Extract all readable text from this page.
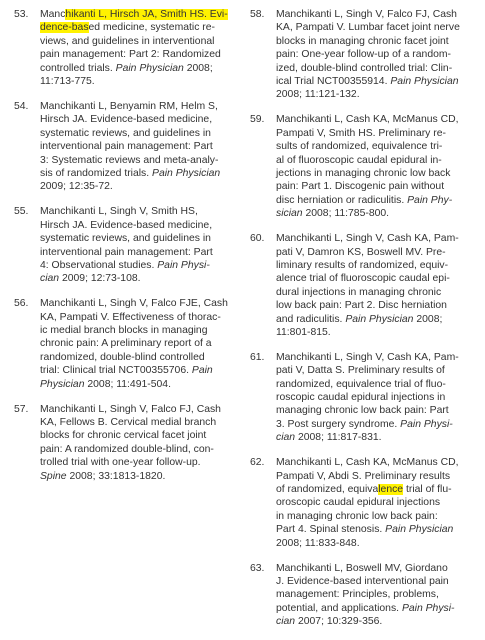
53.	Manchikanti L, Hirsch JA, Smith HS. Evi-
dence-based medicine, systematic re-
views, and guidelines in interventional
pain management: Part 2: Randomized
controlled trials. Pain Physician 2008;
11:713-775.
54.	Manchikanti L, Benyamin RM, Helm S,
Hirsch JA. Evidence-based medicine,
systematic reviews, and guidelines in
interventional pain management: Part
3: Systematic reviews and meta-analy-
sis of randomized trials. Pain Physician
2009; 12:35-72.
55.	Manchikanti L, Singh V, Smith HS,
Hirsch JA. Evidence-based medicine,
systematic reviews, and guidelines in
interventional pain management: Part
4: Observational studies. Pain Physi-
cian 2009; 12:73-108.
56.	Manchikanti L, Singh V, Falco FJE, Cash
KA, Pampati V. Effectiveness of thorac-
ic medial branch blocks in managing
chronic pain: A preliminary report of a
randomized, double-blind controlled
trial: Clinical trial NCT00355706. Pain
Physician 2008; 11:491-504.
57.	Manchikanti L, Singh V, Falco FJ, Cash
KA, Fellows B. Cervical medial branch
blocks for chronic cervical facet joint
pain: A randomized double-blind, con-
trolled trial with one-year follow-up.
Spine 2008; 33:1813-1820.
58.	Manchikanti L, Singh V, Falco FJ, Cash
KA, Pampati V. Lumbar facet joint nerve
blocks in managing chronic facet joint
pain: One-year follow-up of a random-
ized, double-blind controlled trial: Clin-
ical Trial NCT00355914. Pain Physician
2008; 11:121-132.
59.	Manchikanti L, Cash KA, McManus CD,
Pampati V, Smith HS. Preliminary re-
sults of randomized, equivalence tri-
al of fluoroscopic caudal epidural in-
jections in managing chronic low back
pain: Part 1. Discogenic pain without
disc herniation or radiculitis. Pain Phy-
sician 2008; 11:785-800.
60.	Manchikanti L, Singh V, Cash KA, Pam-
pati V, Damron KS, Boswell MV. Pre-
liminary results of randomized, equiv-
alence trial of fluoroscopic caudal epi-
dural injections in managing chronic
low back pain: Part 2. Disc herniation
and radiculitis. Pain Physician 2008;
11:801-815.
61.	Manchikanti L, Singh V, Cash KA, Pam-
pati V, Datta S. Preliminary results of
randomized, equivalence trial of fluo-
roscopic caudal epidural injections in
managing chronic low back pain: Part
3. Post surgery syndrome. Pain Physi-
cian 2008; 11:817-831.
62.	Manchikanti L, Cash KA, McManus CD,
Pampati V, Abdi S. Preliminary results
of randomized, equivalence trial of flu-
oroscopic caudal epidural injections
in managing chronic low back pain:
Part 4. Spinal stenosis. Pain Physician
2008; 11:833-848.
63.	Manchikanti L, Boswell MV, Giordano
J. Evidence-based interventional pain
management: Principles, problems,
potential, and applications. Pain Physi-
cian 2007; 10:329-356.
